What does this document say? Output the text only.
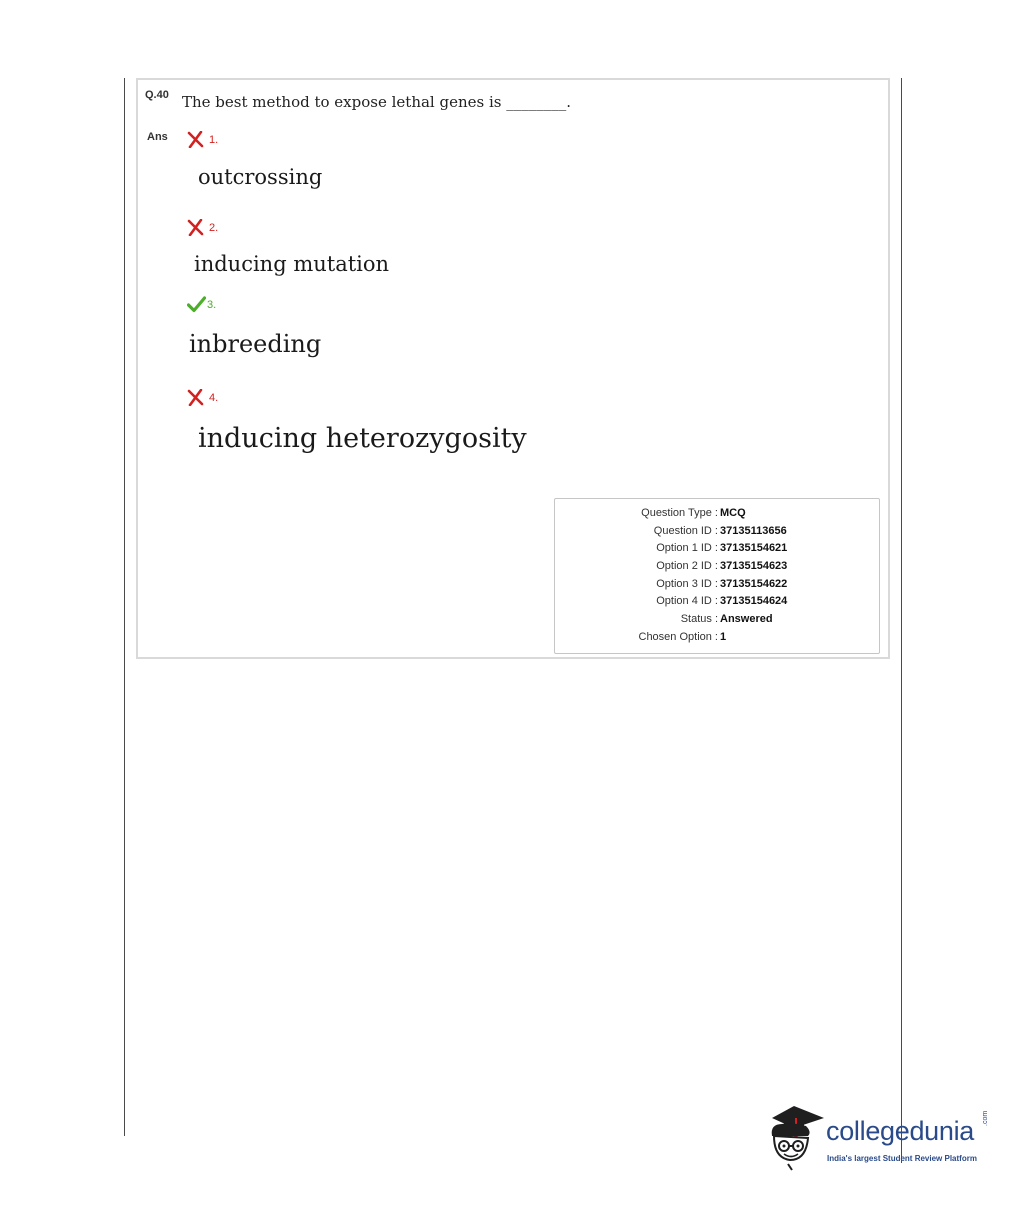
Q.40 The best method to expose lethal genes is ________.
Ans	1.
outcrossing
2.
inducing mutation
3.
inbreeding
4.
inducing heterozygosity
Question Type : MCQ
Question ID : 37135113656
Option 1 ID : 37135154621
Option 2 ID : 37135154623
Option 3 ID : 37135154622
Option 4 ID : 37135154624
Status : Answered
Chosen Option : 1
collegedunia .com
India's largest Student Review Platform
